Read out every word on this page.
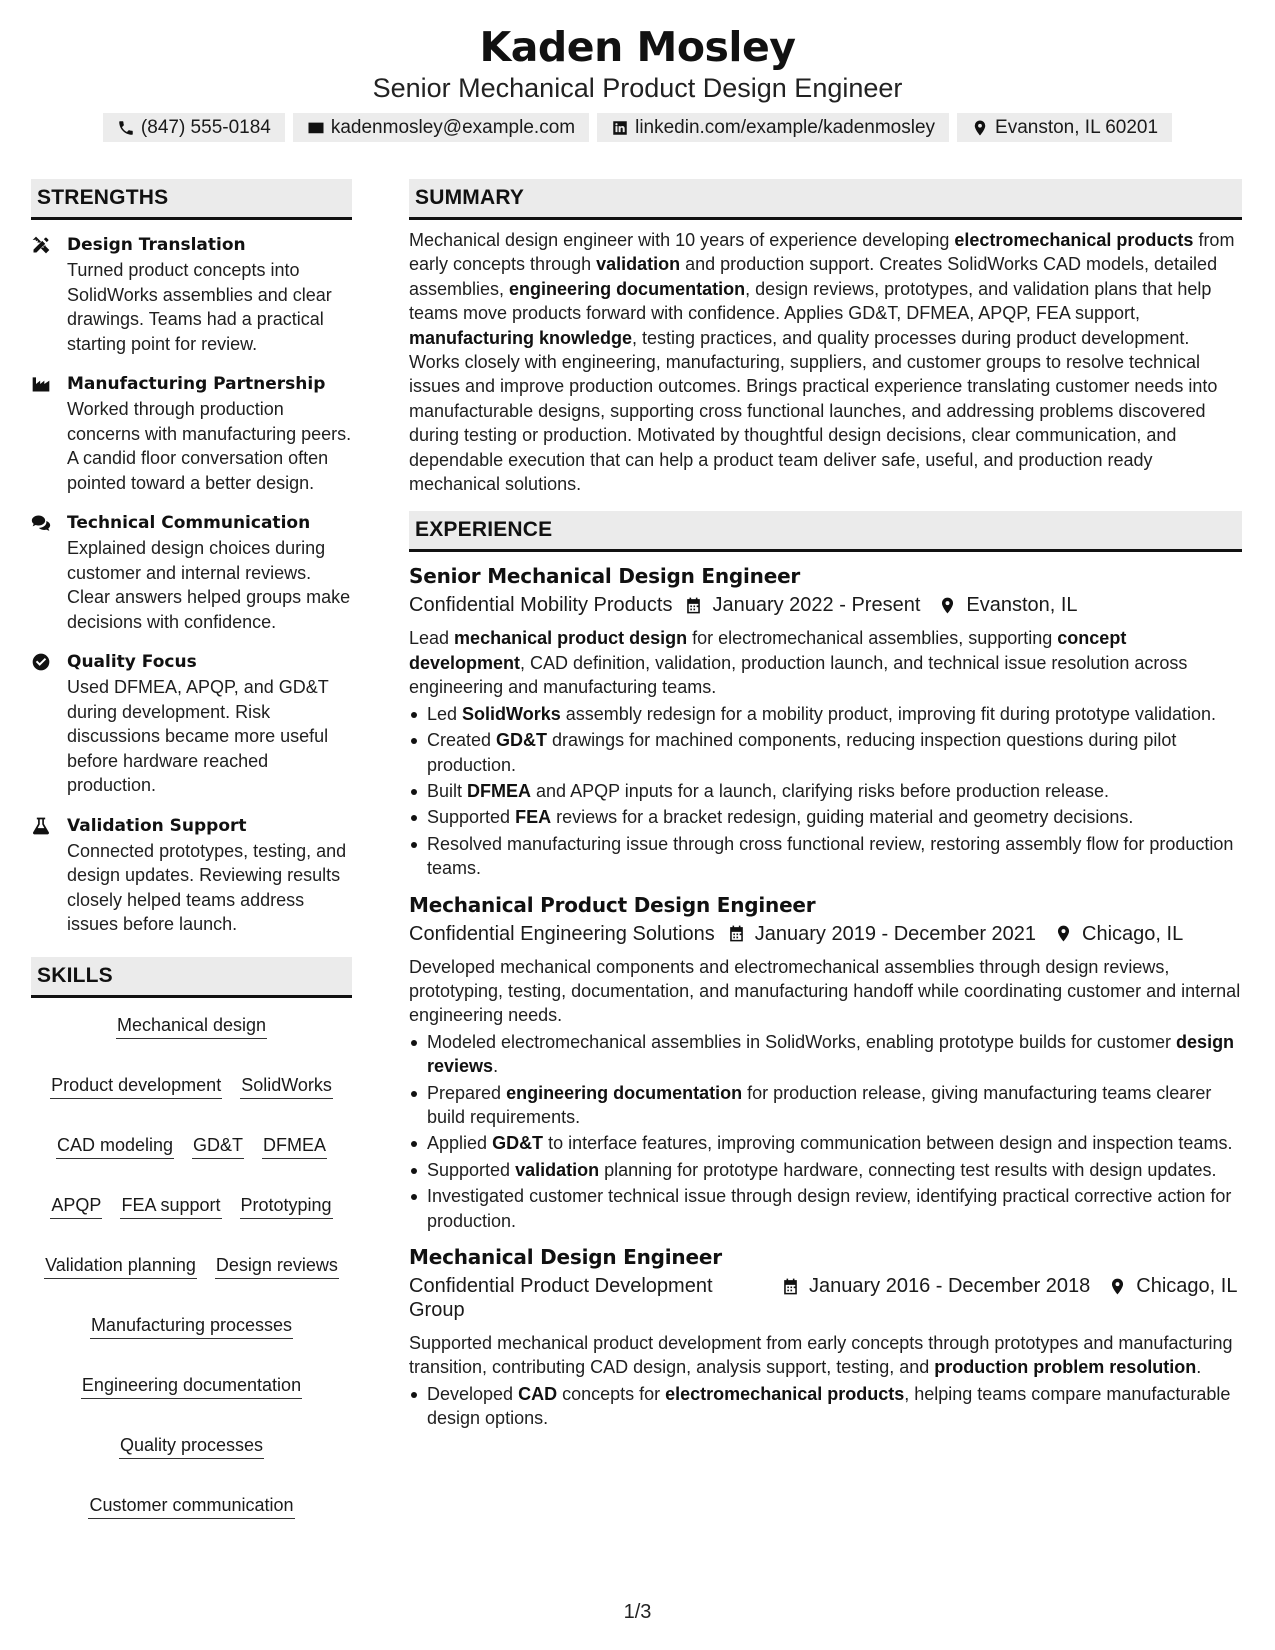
Kaden Mosley
Senior Mechanical Product Design Engineer
(847) 555-0184	kadenmosley@example.com	linkedin.com/example/kadenmosley	Evanston, IL 60201
STRENGTHS
Design Translation
Turned product concepts into SolidWorks assemblies and clear drawings. Teams had a practical starting point for review.
Manufacturing Partnership
Worked through production concerns with manufacturing peers. A candid floor conversation often pointed toward a better design.
Technical Communication
Explained design choices during customer and internal reviews. Clear answers helped groups make decisions with confidence.
Quality Focus
Used DFMEA, APQP, and GD&T during development. Risk discussions became more useful before hardware reached production.
Validation Support
Connected prototypes, testing, and design updates. Reviewing results closely helped teams address issues before launch.
SKILLS
Mechanical design
Product development SolidWorks
CAD modeling GD&T DFMEA
APQP FEA support Prototyping
Validation planning Design reviews
Manufacturing processes
Engineering documentation
Quality processes
Customer communication
SUMMARY
Mechanical design engineer with 10 years of experience developing electromechanical products from early concepts through validation and production support. Creates SolidWorks CAD models, detailed assemblies, engineering documentation, design reviews, prototypes, and validation plans that help teams move products forward with confidence. Applies GD&T, DFMEA, APQP, FEA support, manufacturing knowledge, testing practices, and quality processes during product development. Works closely with engineering, manufacturing, suppliers, and customer groups to resolve technical issues and improve production outcomes. Brings practical experience translating customer needs into manufacturable designs, supporting cross functional launches, and addressing problems discovered during testing or production. Motivated by thoughtful design decisions, clear communication, and dependable execution that can help a product team deliver safe, useful, and production ready mechanical solutions.
EXPERIENCE
Senior Mechanical Design Engineer
Confidential Mobility Products January 2022 - Present Evanston, IL
Lead mechanical product design for electromechanical assemblies, supporting concept development, CAD definition, validation, production launch, and technical issue resolution across engineering and manufacturing teams.
Led SolidWorks assembly redesign for a mobility product, improving fit during prototype validation.
Created GD&T drawings for machined components, reducing inspection questions during pilot production.
Built DFMEA and APQP inputs for a launch, clarifying risks before production release.
Supported FEA reviews for a bracket redesign, guiding material and geometry decisions.
Resolved manufacturing issue through cross functional review, restoring assembly flow for production teams.
Mechanical Product Design Engineer
Confidential Engineering Solutions January 2019 - December 2021 Chicago, IL
Developed mechanical components and electromechanical assemblies through design reviews, prototyping, testing, documentation, and manufacturing handoff while coordinating customer and internal engineering needs.
Modeled electromechanical assemblies in SolidWorks, enabling prototype builds for customer design reviews.
Prepared engineering documentation for production release, giving manufacturing teams clearer build requirements.
Applied GD&T to interface features, improving communication between design and inspection teams.
Supported validation planning for prototype hardware, connecting test results with design updates.
Investigated customer technical issue through design review, identifying practical corrective action for production.
Mechanical Design Engineer
Confidential Product Development Group
January 2016 - December 2018 Chicago, IL
Supported mechanical product development from early concepts through prototypes and manufacturing transition, contributing CAD design, analysis support, testing, and production problem resolution.
Developed CAD concepts for electromechanical products, helping teams compare manufacturable design options.
1/3
